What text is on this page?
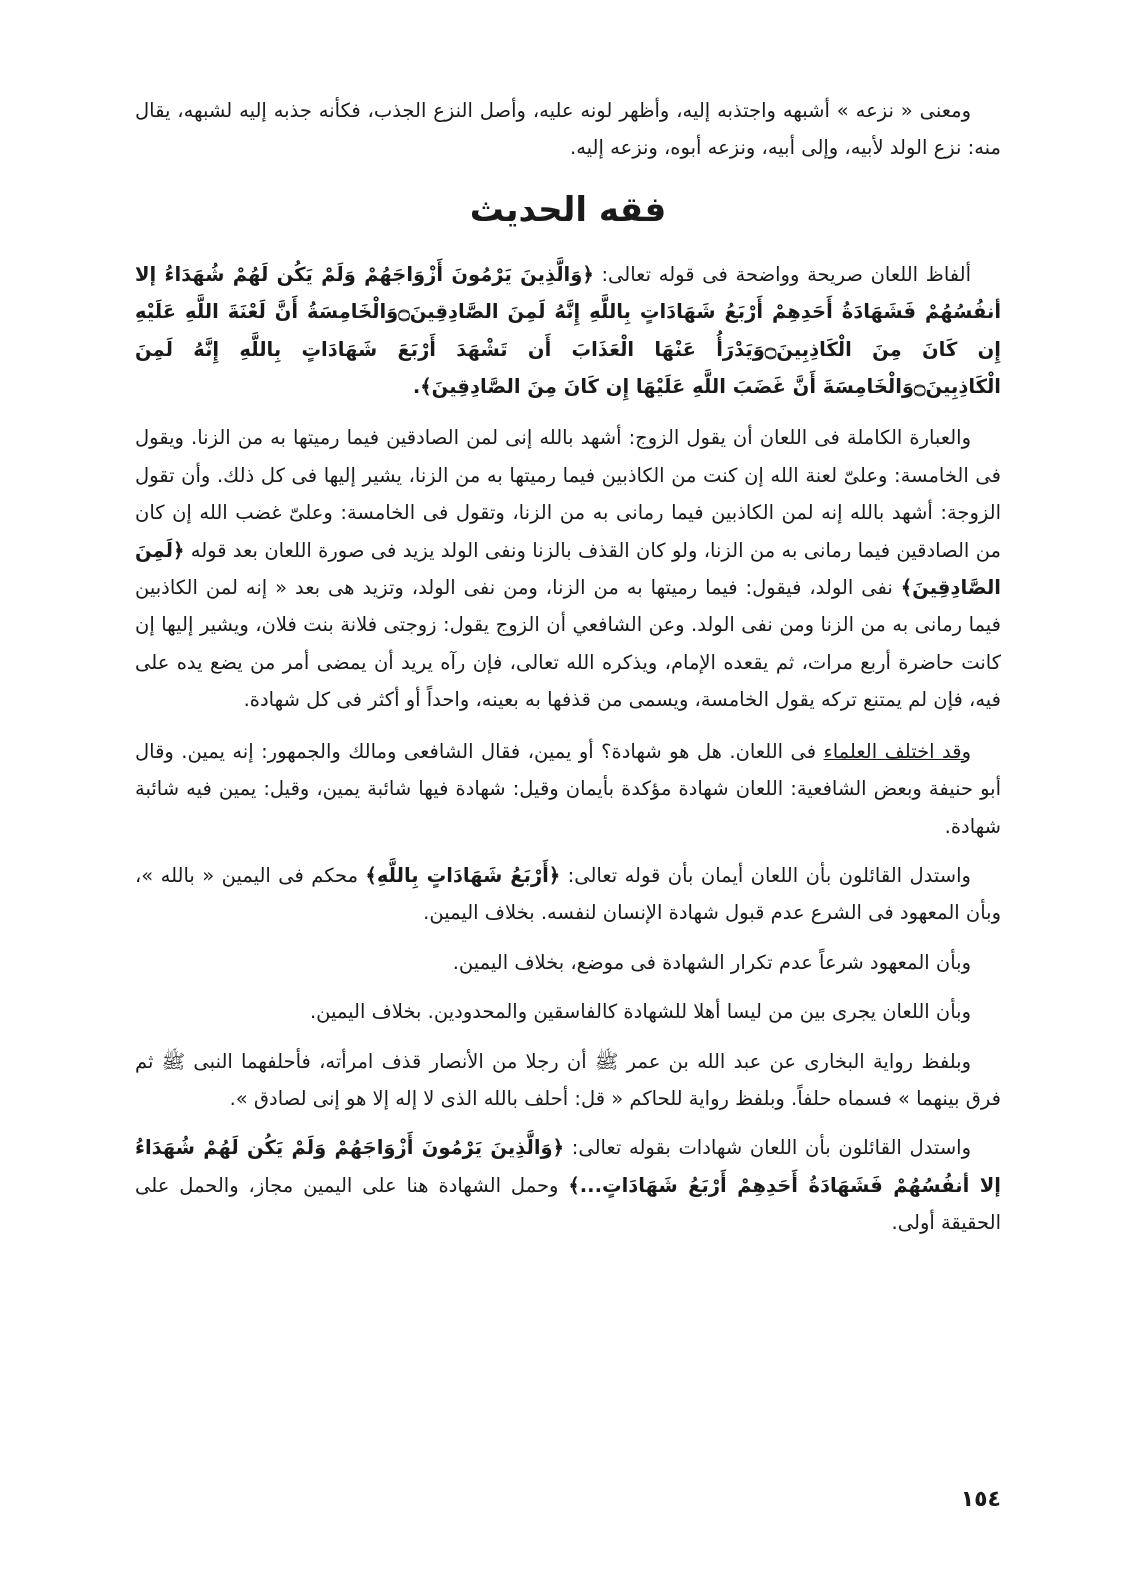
ومعنى « نزعه » أشبهه واجتذبه إليه، وأظهر لونه عليه، وأصل النزع الجذب، فكأنه جذبه إليه لشبهه، يقال منه: نزع الولد لأبيه، وإلى أبيه، ونزعه أبوه، ونزعه إليه.

فقه الحديث

ألفاظ اللعان صريحة وواضحة فى قوله تعالى: ﴿وَالَّذِينَ يَرْمُونَ أَزْوَاجَهُمْ وَلَمْ يَكُن لَهُمْ شُهَدَاءُ إلا أنفُسُهُمْ فَشَهَادَةُ أَحَدِهِمْ أَرْبَعُ شَهَادَاتٍ بِاللَّهِ إِنَّهُ لَمِنَ الصَّادِقِينَ۝وَالْخَامِسَةُ أَنَّ لَعْنَةَ اللَّهِ عَلَيْهِ إِن كَانَ مِنَ الْكَاذِبِينَ۝وَيَدْرَأُ عَنْهَا الْعَذَابَ أَن تَشْهَدَ أَرْبَعَ شَهَادَاتٍ بِاللَّهِ إِنَّهُ لَمِنَ الْكَاذِبِينَ۝وَالْخَامِسَةَ أَنَّ غَضَبَ اللَّهِ عَلَيْهَا إِن كَانَ مِنَ الصَّادِقِينَ﴾.

والعبارة الكاملة فى اللعان أن يقول الزوج: أشهد بالله إنى لمن الصادقين فيما رميتها به من الزنا. ويقول فى الخامسة: وعلىّ لعنة الله إن كنت من الكاذبين فيما رميتها به من الزنا، يشير إليها فى كل ذلك. وأن تقول الزوجة: أشهد بالله إنه لمن الكاذبين فيما رمانى به من الزنا، وتقول فى الخامسة: وعلىّ غضب الله إن كان من الصادقين فيما رمانى به من الزنا، ولو كان القذف بالزنا ونفى الولد يزيد فى صورة اللعان بعد قوله ﴿لَمِنَ الصَّادِقِينَ﴾ نفى الولد، فيقول: فيما رميتها به من الزنا، ومن نفى الولد، وتزيد هى بعد « إنه لمن الكاذبين فيما رمانى به من الزنا ومن نفى الولد. وعن الشافعي أن الزوج يقول: زوجتى فلانة بنت فلان، ويشير إليها إن كانت حاضرة أربع مرات، ثم يقعده الإمام، ويذكره الله تعالى، فإن رآه يريد أن يمضى أمر من يضع يده على فيه، فإن لم يمتنع تركه يقول الخامسة، ويسمى من قذفها به بعينه، واحداً أو أكثر فى كل شهادة.

وقد اختلف العلماء فى اللعان. هل هو شهادة؟ أو يمين، فقال الشافعى ومالك والجمهور: إنه يمين. وقال أبو حنيفة وبعض الشافعية: اللعان شهادة مؤكدة بأيمان وقيل: شهادة فيها شائبة يمين، وقيل: يمين فيه شائبة شهادة.

واستدل القائلون بأن اللعان أيمان بأن قوله تعالى: ﴿أَرْبَعُ شَهَادَاتٍ بِاللَّهِ﴾ محكم فى اليمين « بالله »، وبأن المعهود فى الشرع عدم قبول شهادة الإنسان لنفسه. بخلاف اليمين.

وبأن المعهود شرعاً عدم تكرار الشهادة فى موضع، بخلاف اليمين.

وبأن اللعان يجرى بين من ليسا أهلا للشهادة كالفاسقين والمحدودين. بخلاف اليمين.

وبلفظ رواية البخارى عن عبد الله بن عمر ﷺ أن رجلا من الأنصار قذف امرأته، فأحلفهما النبى ﷺ ثم فرق بينهما » فسماه حلفاً. وبلفظ رواية للحاكم « قل: أحلف بالله الذى لا إله إلا هو إنى لصادق ».

واستدل القائلون بأن اللعان شهادات بقوله تعالى: ﴿وَالَّذِينَ يَرْمُونَ أَزْوَاجَهُمْ وَلَمْ يَكُن لَهُمْ شُهَدَاءُ إلا أنفُسُهُمْ فَشَهَادَةُ أَحَدِهِمْ أَرْبَعُ شَهَادَاتٍ...﴾ وحمل الشهادة هنا على اليمين مجاز، والحمل على الحقيقة أولى.

١٥٤
